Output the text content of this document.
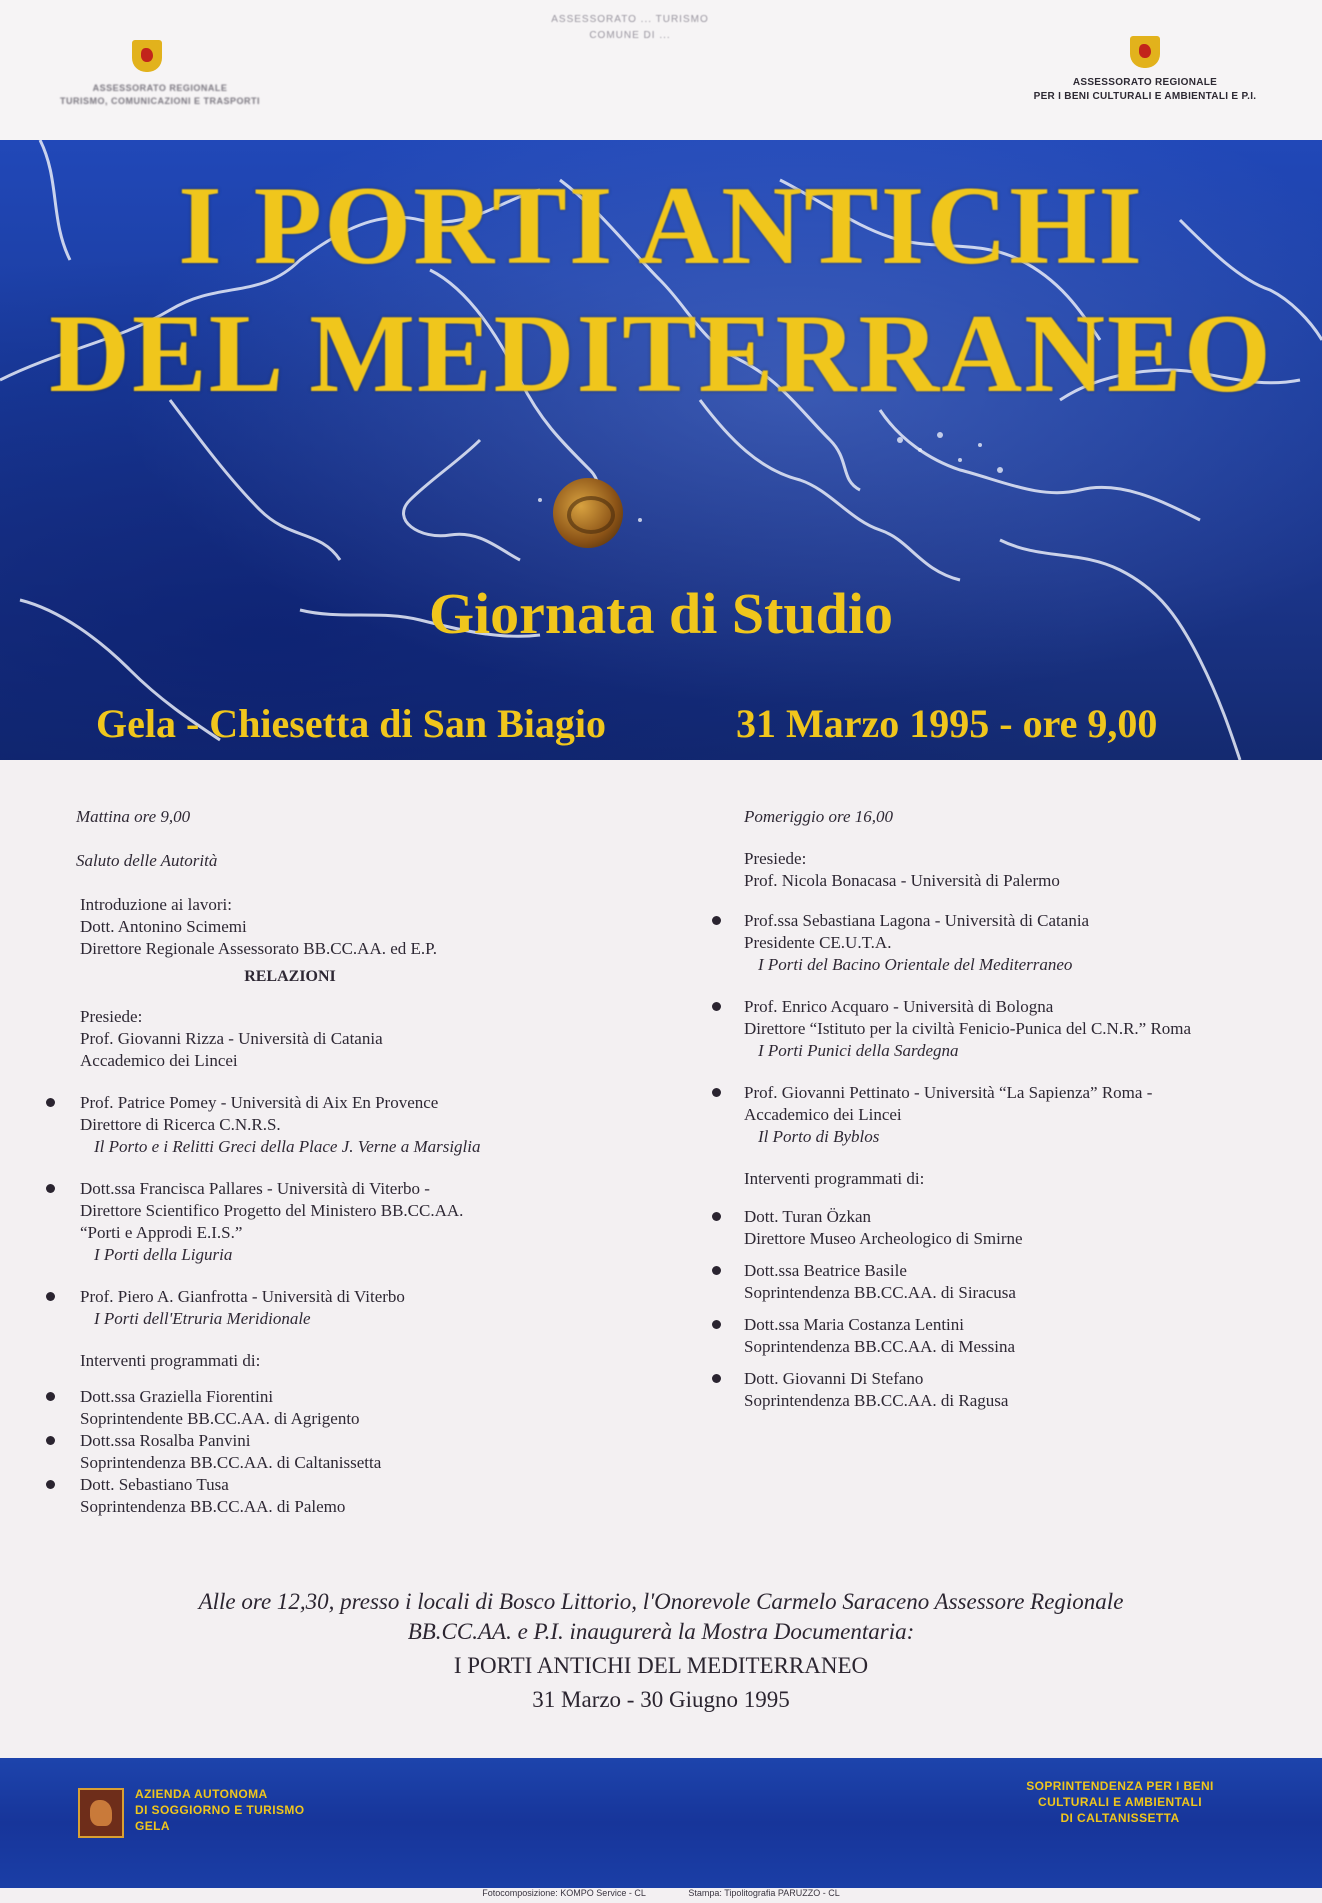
ASSESSORATO ... TURISMO
COMUNE DI ...
ASSESSORATO REGIONALE
TURISMO, COMUNICAZIONI E TRASPORTI
ASSESSORATO REGIONALE
PER I BENI CULTURALI E AMBIENTALI E P.I.
I PORTI ANTICHI
DEL MEDITERRANEO
Giornata di Studio
Gela - Chiesetta di San Biagio	31 Marzo 1995 - ore 9,00
Mattina ore 9,00
Saluto delle Autorità
Introduzione ai lavori:
Dott. Antonino Scimemi
Direttore Regionale Assessorato BB.CC.AA. ed E.P.
RELAZIONI
Presiede:
Prof. Giovanni Rizza - Università di Catania
Accademico dei Lincei
Prof. Patrice Pomey - Università di Aix En Provence
Direttore di Ricerca C.N.R.S.
Il Porto e i Relitti Greci della Place J. Verne a Marsiglia
Dott.ssa Francisca Pallares - Università di Viterbo -
Direttore Scientifico Progetto del Ministero BB.CC.AA.
“Porti e Approdi E.I.S.”
I Porti della Liguria
Prof. Piero A. Gianfrotta - Università di Viterbo
I Porti dell'Etruria Meridionale
Interventi programmati di:
Dott.ssa Graziella Fiorentini
Soprintendente BB.CC.AA. di Agrigento
Dott.ssa Rosalba Panvini
Soprintendenza BB.CC.AA. di Caltanissetta
Dott. Sebastiano Tusa
Soprintendenza BB.CC.AA. di Palemo
Pomeriggio ore 16,00
Presiede:
Prof. Nicola Bonacasa - Università di Palermo
Prof.ssa Sebastiana Lagona - Università di Catania
Presidente CE.U.T.A.
I Porti del Bacino Orientale del Mediterraneo
Prof. Enrico Acquaro - Università di Bologna
Direttore “Istituto per la civiltà Fenicio-Punica del C.N.R.” Roma
I Porti Punici della Sardegna
Prof. Giovanni Pettinato - Università “La Sapienza” Roma -
Accademico dei Lincei
Il Porto di Byblos
Interventi programmati di:
Dott. Turan Özkan
Direttore Museo Archeologico di Smirne
Dott.ssa Beatrice Basile
Soprintendenza BB.CC.AA. di Siracusa
Dott.ssa Maria Costanza Lentini
Soprintendenza BB.CC.AA. di Messina
Dott. Giovanni Di Stefano
Soprintendenza BB.CC.AA. di Ragusa
Alle ore 12,30, presso i locali di Bosco Littorio, l'Onorevole Carmelo Saraceno Assessore Regionale
BB.CC.AA. e P.I. inaugurerà la Mostra Documentaria:
I PORTI ANTICHI DEL MEDITERRANEO
31 Marzo - 30 Giugno 1995
AZIENDA AUTONOMA
DI SOGGIORNO E TURISMO
GELA
SOPRINTENDENZA PER I BENI
CULTURALI E AMBIENTALI
DI CALTANISSETTA
Fotocomposizione: KOMPO Service - CL	Stampa: Tipolitografia PARUZZO - CL
